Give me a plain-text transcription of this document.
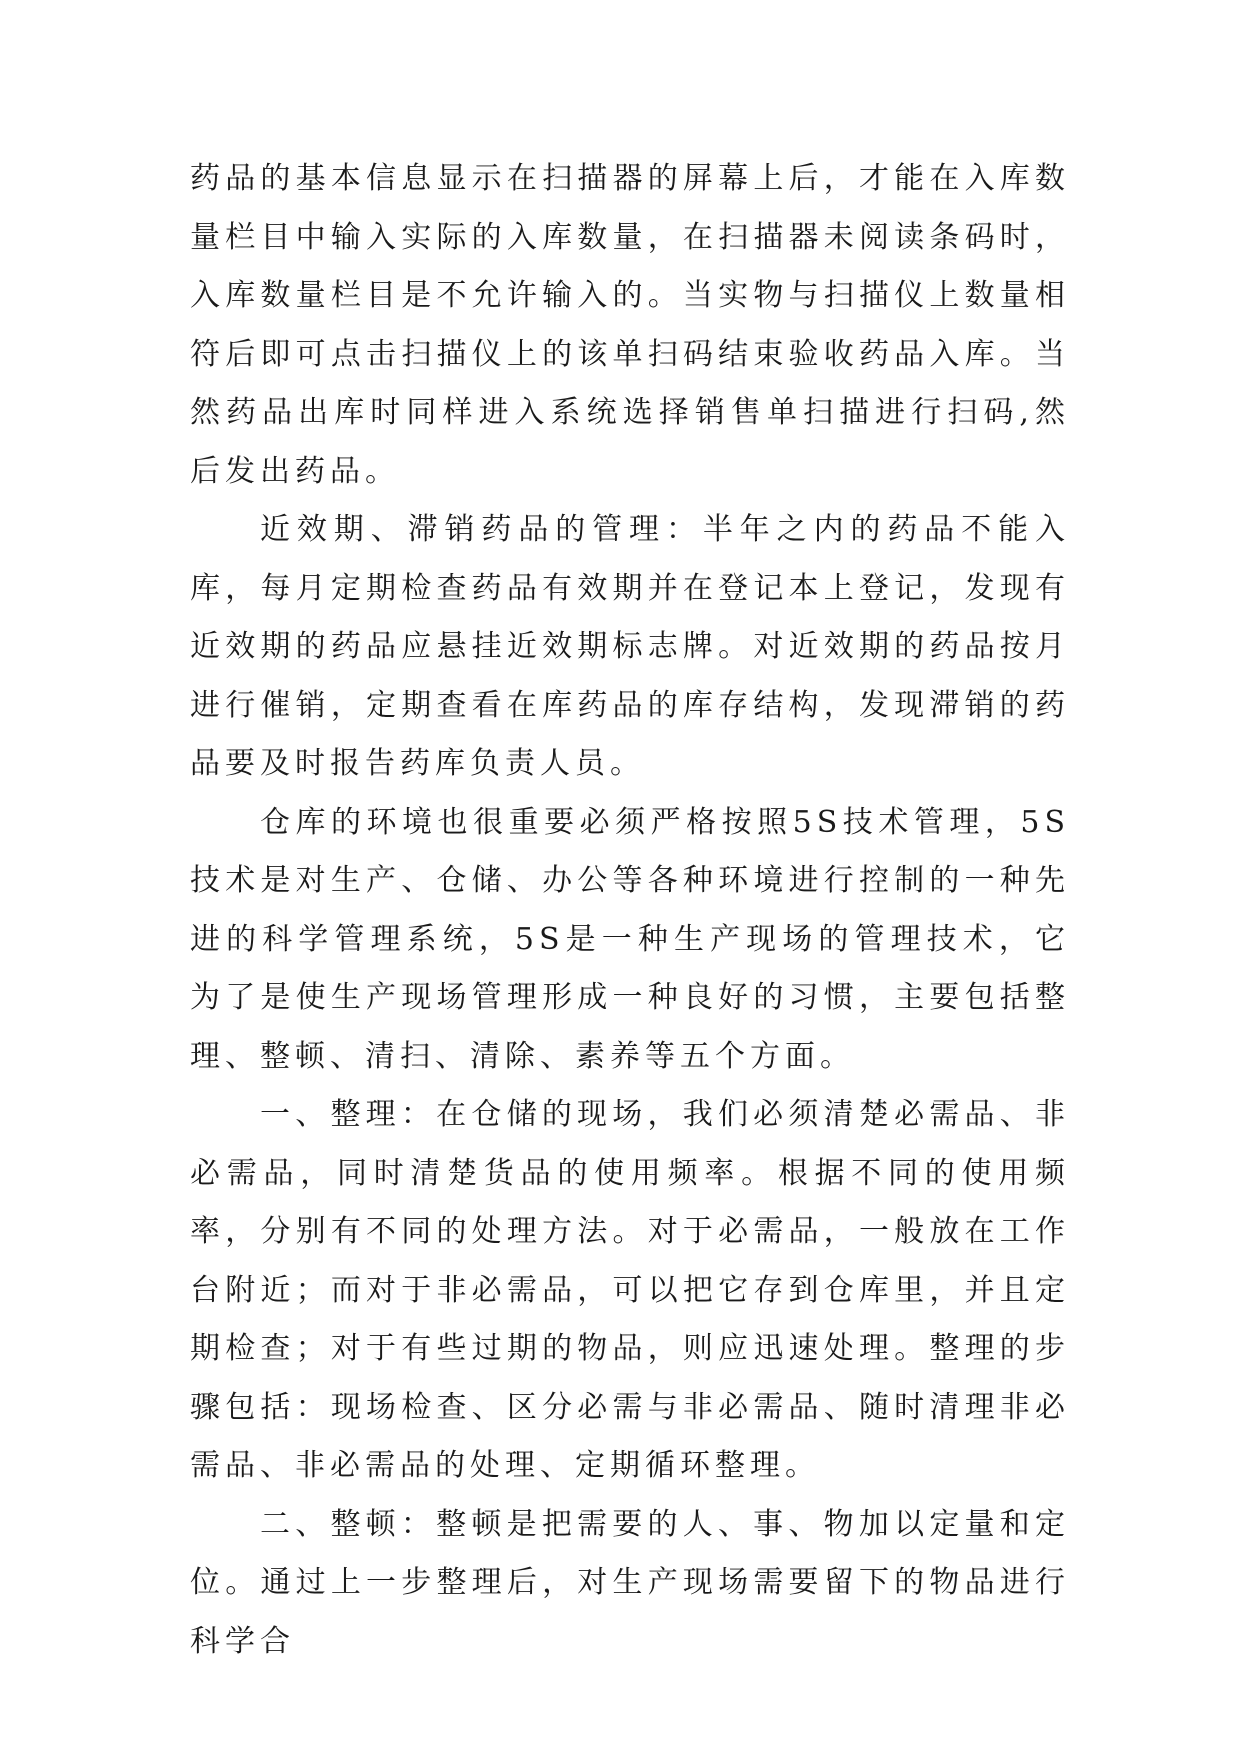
药品的基本信息显示在扫描器的屏幕上后，才能在入库数量栏目中输入实际的入库数量，在扫描器未阅读条码时，入库数量栏目是不允许输入的。当实物与扫描仪上数量相符后即可点击扫描仪上的该单扫码结束验收药品入库。当然药品出库时同样进入系统选择销售单扫描进行扫码,然后发出药品。

近效期、滞销药品的管理：半年之内的药品不能入库，每月定期检查药品有效期并在登记本上登记，发现有近效期的药品应悬挂近效期标志牌。对近效期的药品按月进行催销，定期查看在库药品的库存结构，发现滞销的药品要及时报告药库负责人员。

仓库的环境也很重要必须严格按照5S技术管理，5S技术是对生产、仓储、办公等各种环境进行控制的一种先进的科学管理系统，5S是一种生产现场的管理技术，它为了是使生产现场管理形成一种良好的习惯，主要包括整理、整顿、清扫、清除、素养等五个方面。

一、整理：在仓储的现场，我们必须清楚必需品、非必需品，同时清楚货品的使用频率。根据不同的使用频率，分别有不同的处理方法。对于必需品，一般放在工作台附近；而对于非必需品，可以把它存到仓库里，并且定期检查；对于有些过期的物品，则应迅速处理。整理的步骤包括：现场检查、区分必需与非必需品、随时清理非必需品、非必需品的处理、定期循环整理。

二、整顿：整顿是把需要的人、事、物加以定量和定位。通过上一步整理后，对生产现场需要留下的物品进行科学合
